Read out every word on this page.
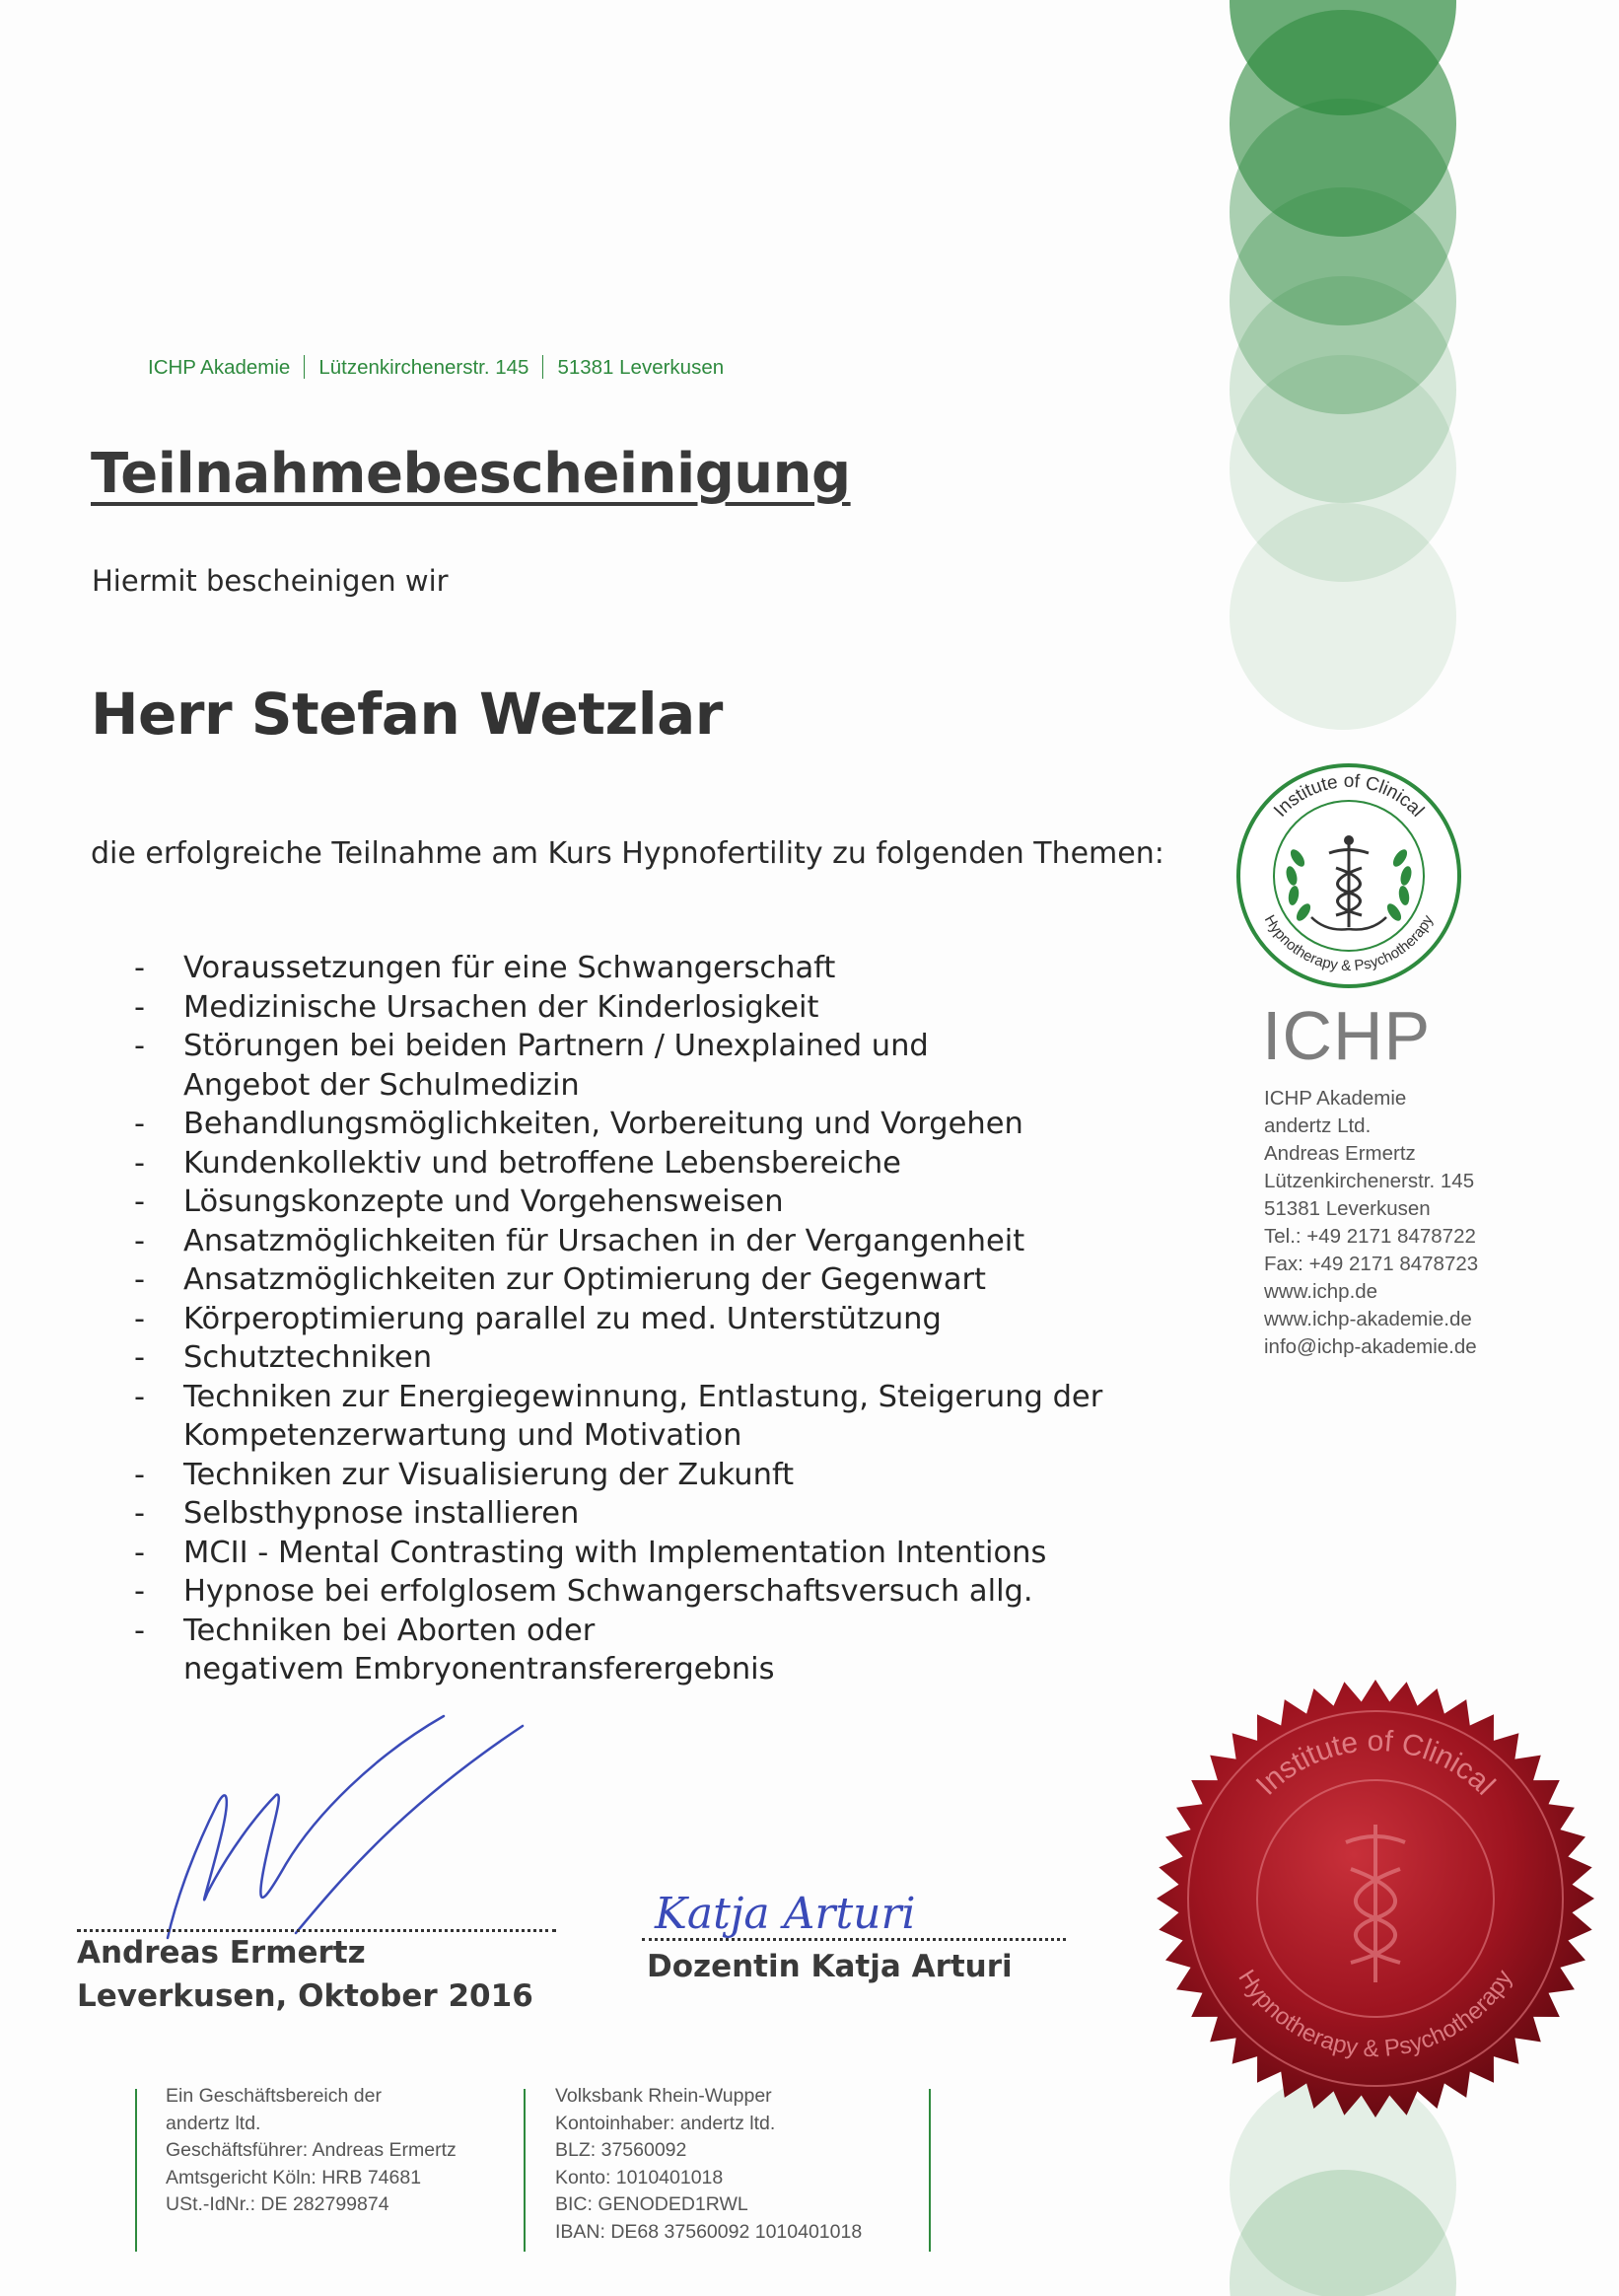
ICHP Akademie Lützenkirchenerstr. 145 51381 Leverkusen
Teilnahmebescheinigung
Hiermit bescheinigen wir
Herr Stefan Wetzlar
die erfolgreiche Teilnahme am Kurs Hypnofertility zu folgenden Themen:
- Voraussetzungen für eine Schwangerschaft
- Medizinische Ursachen der Kinderlosigkeit
- Störungen bei beiden Partnern / Unexplained und
Angebot der Schulmedizin
- Behandlungsmöglichkeiten, Vorbereitung und Vorgehen
- Kundenkollektiv und betroffene Lebensbereiche
- Lösungskonzepte und Vorgehensweisen
- Ansatzmöglichkeiten für Ursachen in der Vergangenheit
- Ansatzmöglichkeiten zur Optimierung der Gegenwart
- Körperoptimierung parallel zu med. Unterstützung
- Schutztechniken
- Techniken zur Energiegewinnung, Entlastung, Steigerung der
Kompetenzerwartung und Motivation
- Techniken zur Visualisierung der Zukunft
- Selbsthypnose installieren
- MCII - Mental Contrasting with Implementation Intentions
- Hypnose bei erfolglosem Schwangerschaftsversuch allg.
- Techniken bei Aborten oder
negativem Embryonentransferergebnis
Institute of Clinical
Hypnotherapy & Psychotherapy
ICHP
ICHP Akademie
andertz Ltd.
Andreas Ermertz
Lützenkirchenerstr. 145
51381 Leverkusen
Tel.: +49 2171 8478722
Fax: +49 2171 8478723
www.ichp.de
www.ichp-akademie.de
info@ichp-akademie.de
Andreas Ermertz
Leverkusen, Oktober 2016
Katja Arturi
Dozentin Katja Arturi
Institute of Clinical
Hypnotherapy & Psychotherapy
Ein Geschäftsbereich der
andertz ltd.
Geschäftsführer: Andreas Ermertz
Amtsgericht Köln: HRB 74681
USt.-IdNr.: DE 282799874
Volksbank Rhein-Wupper
Kontoinhaber: andertz ltd.
BLZ: 37560092
Konto: 1010401018
BIC: GENODED1RWL
IBAN: DE68 37560092 1010401018
